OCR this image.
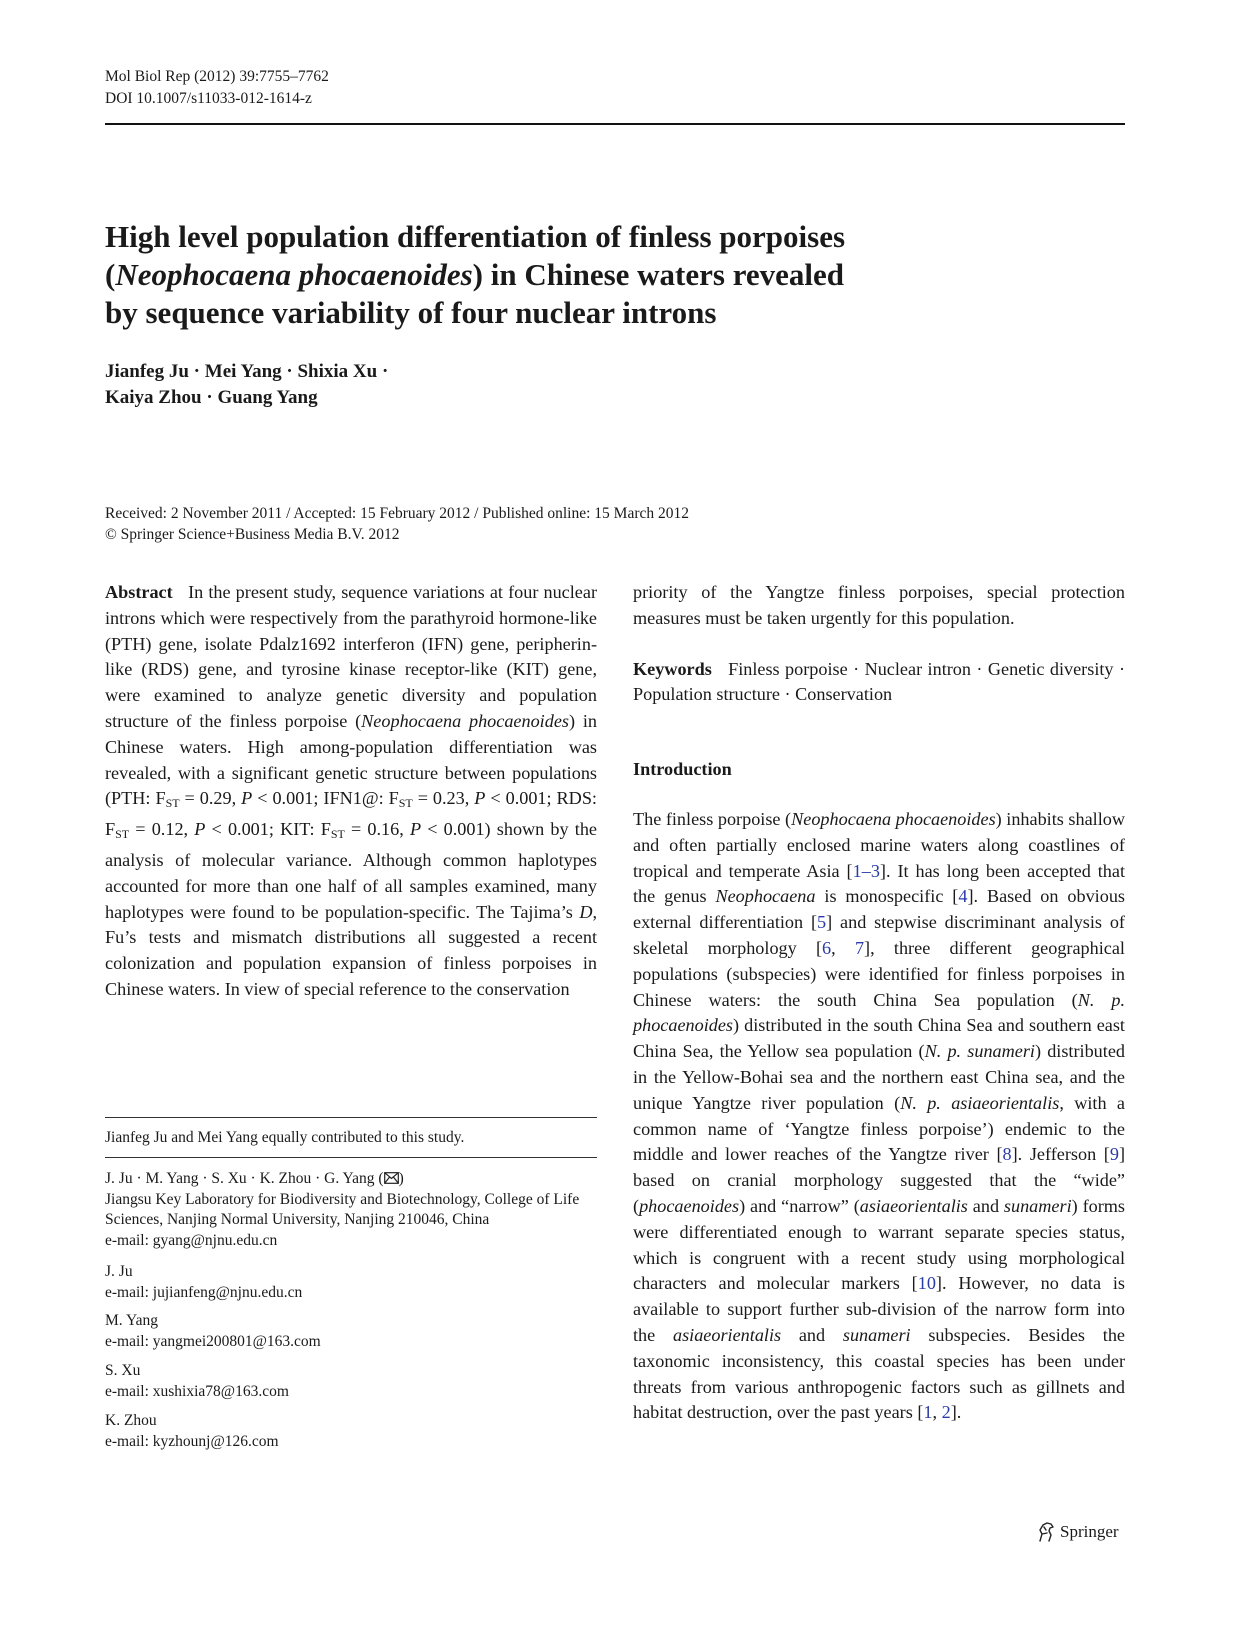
Mol Biol Rep (2012) 39:7755–7762
DOI 10.1007/s11033-012-1614-z
High level population differentiation of finless porpoises
(Neophocaena phocaenoides) in Chinese waters revealed
by sequence variability of four nuclear introns
Jianfeg Ju · Mei Yang · Shixia Xu ·
Kaiya Zhou · Guang Yang
Received: 2 November 2011 / Accepted: 15 February 2012 / Published online: 15 March 2012
© Springer Science+Business Media B.V. 2012

Abstract In the present study, sequence variations at four nuclear introns which were respectively from the parathyroid hormone-like (PTH) gene, isolate Pdalz1692 interferon (IFN) gene, peripherin-like (RDS) gene, and tyrosine kinase receptor-like (KIT) gene, were examined to analyze genetic diversity and population structure of the finless porpoise (Neophocaena phocaenoides) in Chinese waters. High among-population differentiation was revealed, with a significant genetic structure between populations (PTH: $F_{ST} = 0.29$, P < 0.001; IFN1@: $F_{ST} = 0.23$, P < 0.001; RDS: $F_{ST} = 0.12$, P < 0.001; KIT: $F_{ST} = 0.16$, P < 0.001) shown by the analysis of molecular variance. Although common haplotypes accounted for more than one half of all samples examined, many haplotypes were found to be population-specific. The Tajima’s D, Fu’s tests and mismatch distributions all suggested a recent colonization and population expansion of finless porpoises in Chinese waters. In view of special reference to the conservation

Jianfeg Ju and Mei Yang equally contributed to this study.
J. Ju · M. Yang · S. Xu · K. Zhou · G. Yang ( )
Jiangsu Key Laboratory for Biodiversity and Biotechnology, College of Life Sciences, Nanjing Normal University, Nanjing 210046, China
e-mail: gyang@njnu.edu.cn
J. Ju
e-mail: jujianfeng@njnu.edu.cn
M. Yang
e-mail: yangmei200801@163.com
S. Xu
e-mail: xushixia78@163.com
K. Zhou
e-mail: kyzhounj@126.com

priority of the Yangtze finless porpoises, special protection measures must be taken urgently for this population.

Keywords Finless porpoise · Nuclear intron · Genetic diversity · Population structure · Conservation

Introduction

The finless porpoise (Neophocaena phocaenoides) inhabits shallow and often partially enclosed marine waters along coastlines of tropical and temperate Asia [1–3]. It has long been accepted that the genus Neophocaena is monospecific [4]. Based on obvious external differentiation [5] and stepwise discriminant analysis of skeletal morphology [6, 7], three different geographical populations (subspecies) were identified for finless porpoises in Chinese waters: the south China Sea population (N. p. phocaenoides) distributed in the south China Sea and southern east China Sea, the Yellow sea population (N. p. sunameri) distributed in the Yellow-Bohai sea and the northern east China sea, and the unique Yangtze river population (N. p. asiaeorientalis, with a common name of ‘Yangtze finless porpoise’) endemic to the middle and lower reaches of the Yangtze river [8]. Jefferson [9] based on cranial morphology suggested that the “wide” (phocaenoides) and “narrow” (asiaeorientalis and sunameri) forms were differentiated enough to warrant separate species status, which is congruent with a recent study using morphological characters and molecular markers [10]. However, no data is available to support further sub-division of the narrow form into the asiaeorientalis and sunameri subspecies. Besides the taxonomic inconsistency, this coastal species has been under threats from various anthropogenic factors such as gillnets and habitat destruction, over the past years [1, 2].

Springer
